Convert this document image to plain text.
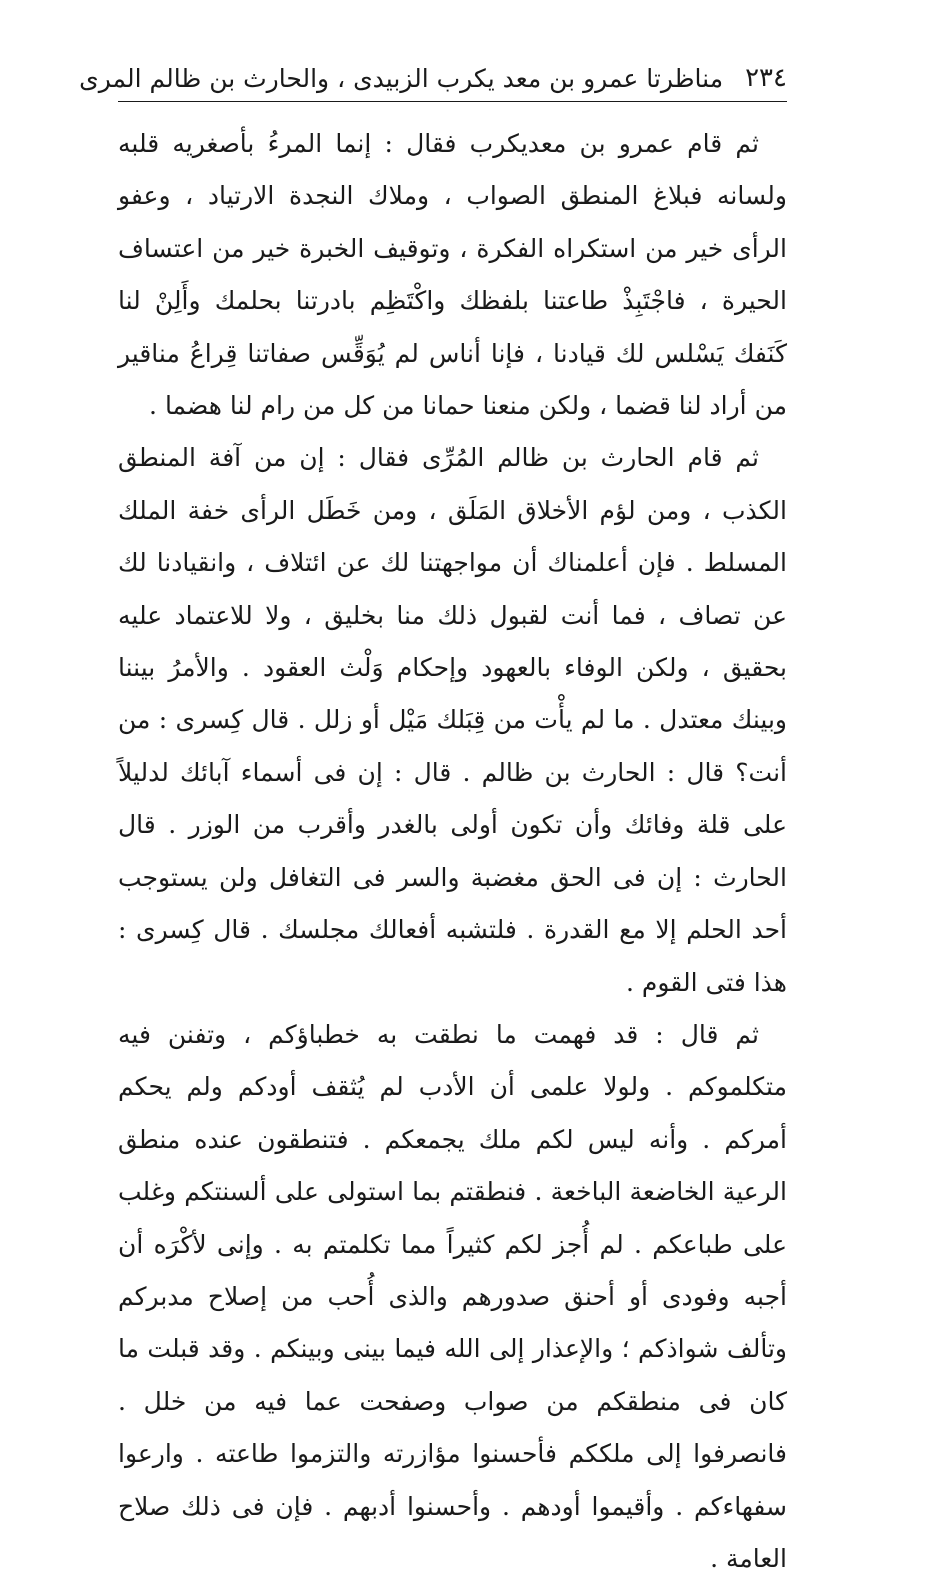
٢٣٤
مناظرتا عمرو بن معد يكرب الزبيدى ، والحارث بن ظالم المرى

ثم قام عمرو بن معديكرب فقال : إنما المرءُ بأصغريه قلبه ولسانه فبلاغ المنطق الصواب ، وملاك النجدة الارتياد ، وعفو الرأى خير من استكراه الفكرة ، وتوقيف الخبرة خير من اعتساف الحيرة ، فاجْتَبِذْ طاعتنا بلفظك واكْتَظِم بادرتنا بحلمك وأَلِنْ لنا كَنَفك يَسْلس لك قيادنا ، فإنا أناس لم يُوَقِّس صفاتنا قِراعُ مناقير من أراد لنا قضما ، ولكن منعنا حمانا من كل من رام لنا هضما .

ثم قام الحارث بن ظالم المُرِّى فقال : إن من آفة المنطق الكذب ، ومن لؤم الأخلاق المَلَق ، ومن خَطَل الرأى خفة الملك المسلط . فإن أعلمناك أن مواجهتنا لك عن ائتلاف ، وانقيادنا لك عن تصاف ، فما أنت لقبول ذلك منا بخليق ، ولا للاعتماد عليه بحقيق ، ولكن الوفاء بالعهود وإحكام وَلْث العقود . والأمرُ بيننا وبينك معتدل . ما لم يأْت من قِبَلك مَيْل أو زلل . قال كِسرى : من أنت؟ قال : الحارث بن ظالم . قال : إن فى أسماء آبائك لدليلاً على قلة وفائك وأن تكون أولى بالغدر وأقرب من الوزر . قال الحارث : إن فى الحق مغضبة والسر فى التغافل ولن يستوجب أحد الحلم إلا مع القدرة . فلتشبه أفعالك مجلسك . قال كِسرى : هذا فتى القوم .

ثم قال : قد فهمت ما نطقت به خطباؤكم ، وتفنن فيه متكلموكم . ولولا علمى أن الأدب لم يُثقف أودكم ولم يحكم أمركم . وأنه ليس لكم ملك يجمعكم . فتنطقون عنده منطق الرعية الخاضعة الباخعة . فنطقتم بما استولى على ألسنتكم وغلب على طباعكم . لم أُجز لكم كثيراً مما تكلمتم به . وإنى لأكْرَه أن أجبه وفودى أو أحنق صدورهم والذى أُحب من إصلاح مدبركم وتألف شواذكم ؛ والإعذار إلى الله فيما بينى وبينكم . وقد قبلت ما كان فى منطقكم من صواب وصفحت عما فيه من خلل . فانصرفوا إلى ملككم فأحسنوا مؤازرته والتزموا طاعته . وارعوا سفهاءكم . وأقيموا أودهم . وأحسنوا أدبهم . فإن فى ذلك صلاح العامة .
